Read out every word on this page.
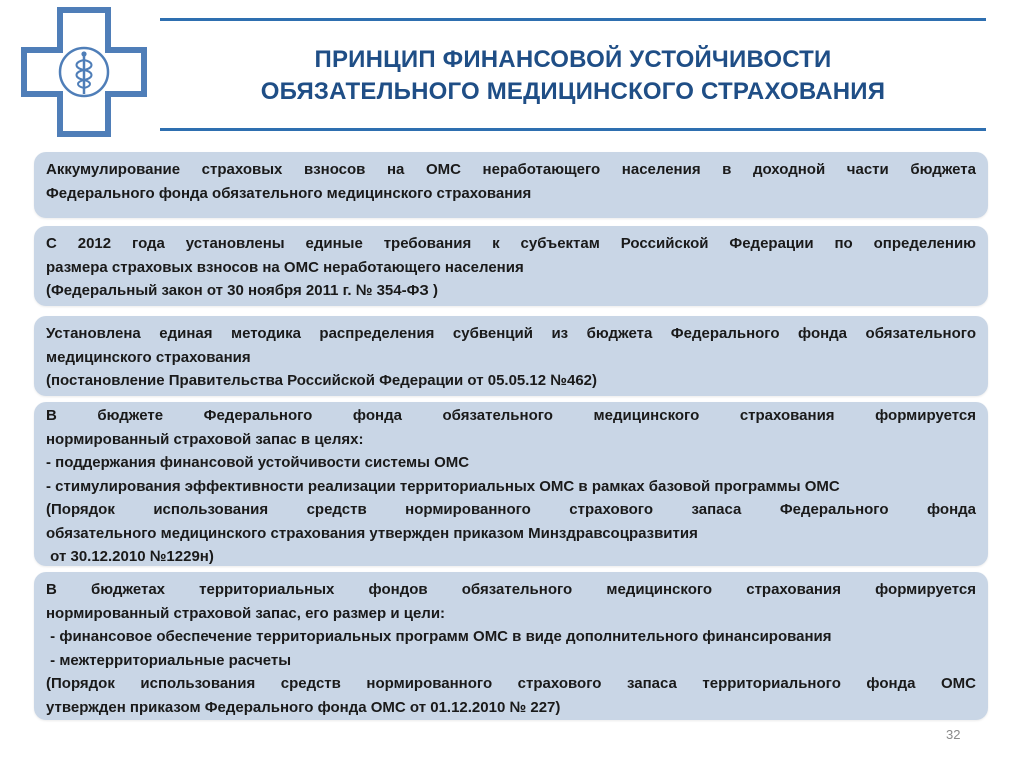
ПРИНЦИП ФИНАНСОВОЙ УСТОЙЧИВОСТИ
ОБЯЗАТЕЛЬНОГО МЕДИЦИНСКОГО СТРАХОВАНИЯ

Аккумулирование страховых взносов на ОМС неработающего населения в доходной части бюджета

Федерального фонда обязательного медицинского страхования

С 2012 года установлены единые требования к субъектам Российской Федерации по определению

размера страховых взносов на ОМС неработающего населения

(Федеральный закон от 30 ноября 2011 г. № 354-ФЗ )

Установлена единая методика распределения субвенций из бюджета Федерального фонда обязательного

медицинского страхования

(постановление Правительства Российской Федерации от 05.05.12 №462)

В бюджете Федерального фонда обязательного медицинского страхования формируется

нормированный страховой запас в целях:

- поддержания финансовой устойчивости системы ОМС

- стимулирования эффективности реализации территориальных ОМС в рамках базовой программы ОМС

(Порядок использования средств нормированного страхового запаса Федерального фонда

обязательного медицинского страхования утвержден приказом Минздравсоцразвития

от 30.12.2010 №1229н)

В бюджетах территориальных фондов обязательного медицинского страхования формируется

нормированный страховой запас, его размер и цели:

- финансовое обеспечение территориальных программ ОМС в виде дополнительного финансирования

- межтерриториальные расчеты

(Порядок использования средств нормированного страхового запаса территориального фонда ОМС

утвержден приказом Федерального фонда ОМС от 01.12.2010 № 227)

32
